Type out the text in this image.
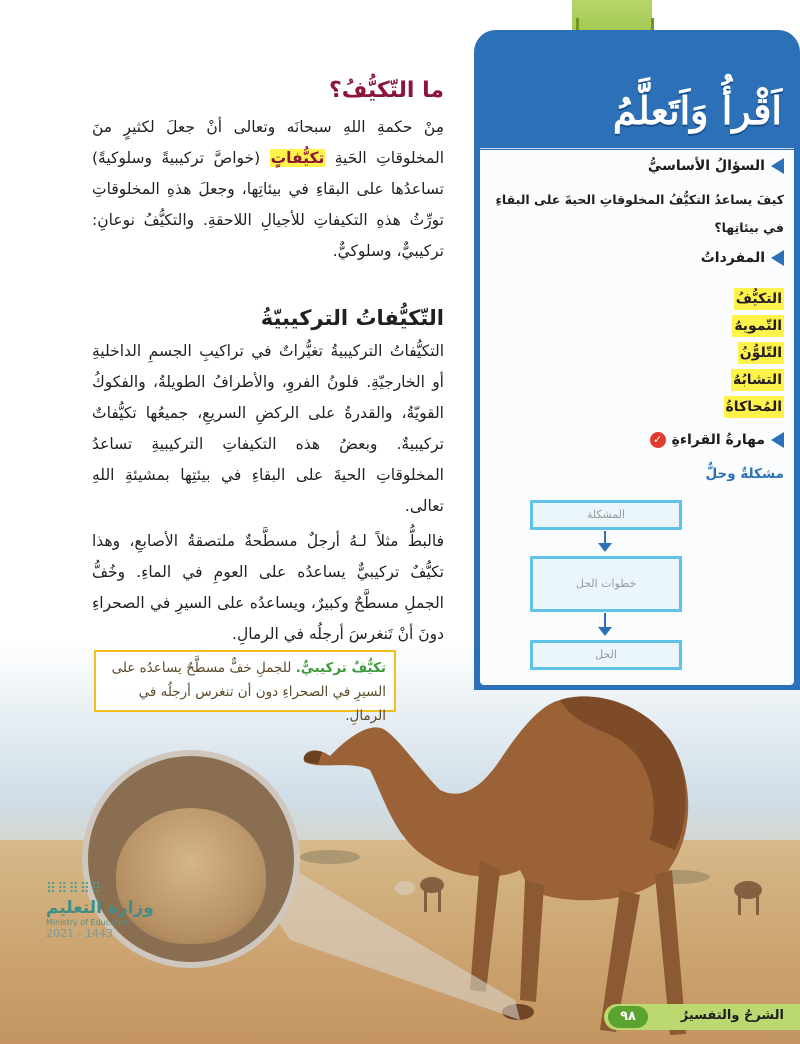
ما التّكيُّفُ؟

مِنْ حكمةِ اللهِ سبحانَه وتعالى أنْ جعلَ لكثيرٍ منَ المخلوقاتِ الحَيةِ تكيُّفاتٍ (خواصَّ تركيبيةً وسلوكيةً) تساعدُها على البقاءِ في بيئاتِها، وجعلَ هذهِ المخلوقاتِ تورِّثُ هذهِ التكيفاتِ للأجيالِ اللاحقةِ. والتكيُّفُ نوعانِ: تركيبيٌّ، وسلوكيٌّ.

التّكيُّفاتُ التركيبيّةُ

التكيُّفاتُ التركيبيةُ تغيُّراتٌ في تراكيبِ الجسمِ الداخليةِ أو الخارجيّةِ. فلونُ الفروِ، والأطرافُ الطويلةُ، والفكوكُ القويّةُ، والقدرةُ على الركضِ السريعِ، جميعُها تكيُّفاتٌ تركيبيةٌ. وبعضُ هذه التكيفاتِ التركيبيةِ تساعدُ المخلوقاتِ الحيةَ على البقاءِ في بيئتِها بمشيئةِ اللهِ تعالى.

فالبطُّ مثلاً لـهُ أرجلٌ مسطَّحةٌ ملتصقةُ الأصابعِ، وهذا تكيُّفٌ تركيبيٌّ يساعدُه على العومِ في الماءِ. وخُفُّ الجملِ مسطَّحٌ وكبيرٌ، ويساعدُه على السيرِ في الصحراءِ دونَ أنْ تَنغرسَ أرجلُه في الرمالِ.

تكيُّفٌ تركيبيٌّ. للجملِ خفٌّ مسطَّحٌ يساعدُه على السيرِ في الصحراءِ دون أن تنغرس أرجلُه في الرمالِ.
اَقْرأُ وَاَتَعلَّمُ

السؤالُ الأساسيُّ

كيفَ يساعدُ التكيُّفُ المخلوقاتِ الحيةَ على البقاءِ في بيئاتِها؟

المفرداتُ

التكيُّفُ
التّمويهُ
التّلوُّنُ
التشابُهُ
المُحاكاةُ

مهارةُ القراءةِ✓

مشكلةٌ وحلٌّ

المشكلة
خطوات الحل
الحل
⠿⠿⠿⠿⠿

وزارة التعليم

Ministry of Education

2021 - 1443

الشرحُ والتفسيرُ

٩٨
